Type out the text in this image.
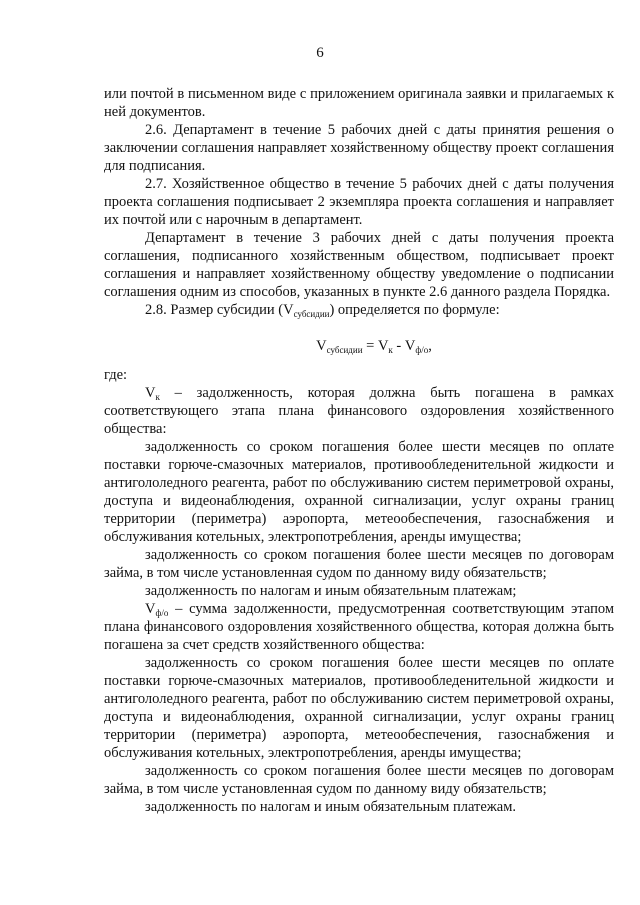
6

или почтой в письменном виде с приложением оригинала заявки и прилагаемых к ней документов.

2.6. Департамент в течение 5 рабочих дней с даты принятия решения о заключении соглашения направляет хозяйственному обществу проект соглашения для подписания.

2.7. Хозяйственное общество в течение 5 рабочих дней с даты получения проекта соглашения подписывает 2 экземпляра проекта соглашения и направляет их почтой или с нарочным в департамент.

Департамент в течение 3 рабочих дней с даты получения проекта соглашения, подписанного хозяйственным обществом, подписывает проект соглашения и направляет хозяйственному обществу уведомление о подписании соглашения одним из способов, указанных в пункте 2.6 данного раздела Порядка.

2.8. Размер субсидии $(V_{субсидии})$ определяется по формуле:

$V_{субсидии} = V_к - V_{ф/о}$,

где:

$V_к$ – задолженность, которая должна быть погашена в рамках соответствующего этапа плана финансового оздоровления хозяйственного общества:

задолженность со сроком погашения более шести месяцев по оплате поставки горюче-смазочных материалов, противообледенительной жидкости и антигололедного реагента, работ по обслуживанию систем периметровой охраны, доступа и видеонаблюдения, охранной сигнализации, услуг охраны границ территории (периметра) аэропорта, метеообеспечения, газоснабжения и обслуживания котельных, электропотребления, аренды имущества;

задолженность со сроком погашения более шести месяцев по договорам займа, в том числе установленная судом по данному виду обязательств;

задолженность по налогам и иным обязательным платежам;

$V_{ф/о}$ – сумма задолженности, предусмотренная соответствующим этапом плана финансового оздоровления хозяйственного общества, которая должна быть погашена за счет средств хозяйственного общества:

задолженность со сроком погашения более шести месяцев по оплате поставки горюче-смазочных материалов, противообледенительной жидкости и антигололедного реагента, работ по обслуживанию систем периметровой охраны, доступа и видеонаблюдения, охранной сигнализации, услуг охраны границ территории (периметра) аэропорта, метеообеспечения, газоснабжения и обслуживания котельных, электропотребления, аренды имущества;

задолженность со сроком погашения более шести месяцев по договорам займа, в том числе установленная судом по данному виду обязательств;

задолженность по налогам и иным обязательным платежам.
